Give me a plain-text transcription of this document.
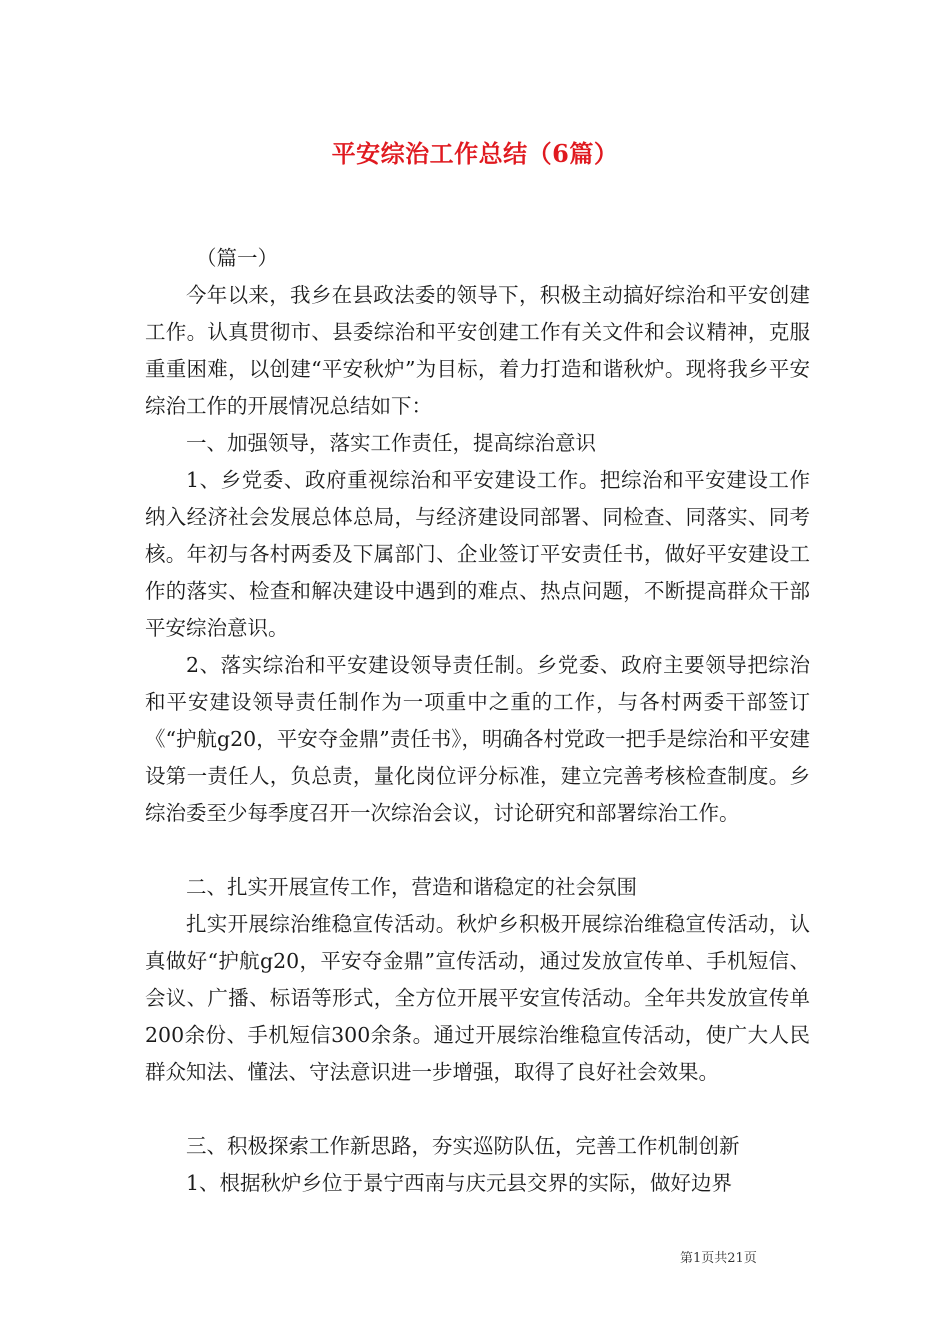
平安综治工作总结（6篇）
（篇一）
今年以来，我乡在县政法委的领导下，积极主动搞好综治和平安创建工作。认真贯彻市、县委综治和平安创建工作有关文件和会议精神，克服重重困难，以创建“平安秋炉”为目标，着力打造和谐秋炉。现将我乡平安综治工作的开展情况总结如下：
一、加强领导，落实工作责任，提高综治意识
1、乡党委、政府重视综治和平安建设工作。把综治和平安建设工作纳入经济社会发展总体总局，与经济建设同部署、同检查、同落实、同考核。年初与各村两委及下属部门、企业签订平安责任书，做好平安建设工作的落实、检查和解决建设中遇到的难点、热点问题，不断提高群众干部平安综治意识。
2、落实综治和平安建设领导责任制。乡党委、政府主要领导把综治和平安建设领导责任制作为一项重中之重的工作，与各村两委干部签订《“护航g20，平安夺金鼎”责任书》，明确各村党政一把手是综治和平安建设第一责任人，负总责，量化岗位评分标准，建立完善考核检查制度。乡综治委至少每季度召开一次综治会议，讨论研究和部署综治工作。
二、扎实开展宣传工作，营造和谐稳定的社会氛围
扎实开展综治维稳宣传活动。秋炉乡积极开展综治维稳宣传活动，认真做好“护航g20，平安夺金鼎”宣传活动，通过发放宣传单、手机短信、会议、广播、标语等形式，全方位开展平安宣传活动。全年共发放宣传单200余份、手机短信300余条。通过开展综治维稳宣传活动，使广大人民群众知法、懂法、守法意识进一步增强，取得了良好社会效果。
三、积极探索工作新思路，夯实巡防队伍，完善工作机制创新
1、根据秋炉乡位于景宁西南与庆元县交界的实际，做好边界
第1页共21页
